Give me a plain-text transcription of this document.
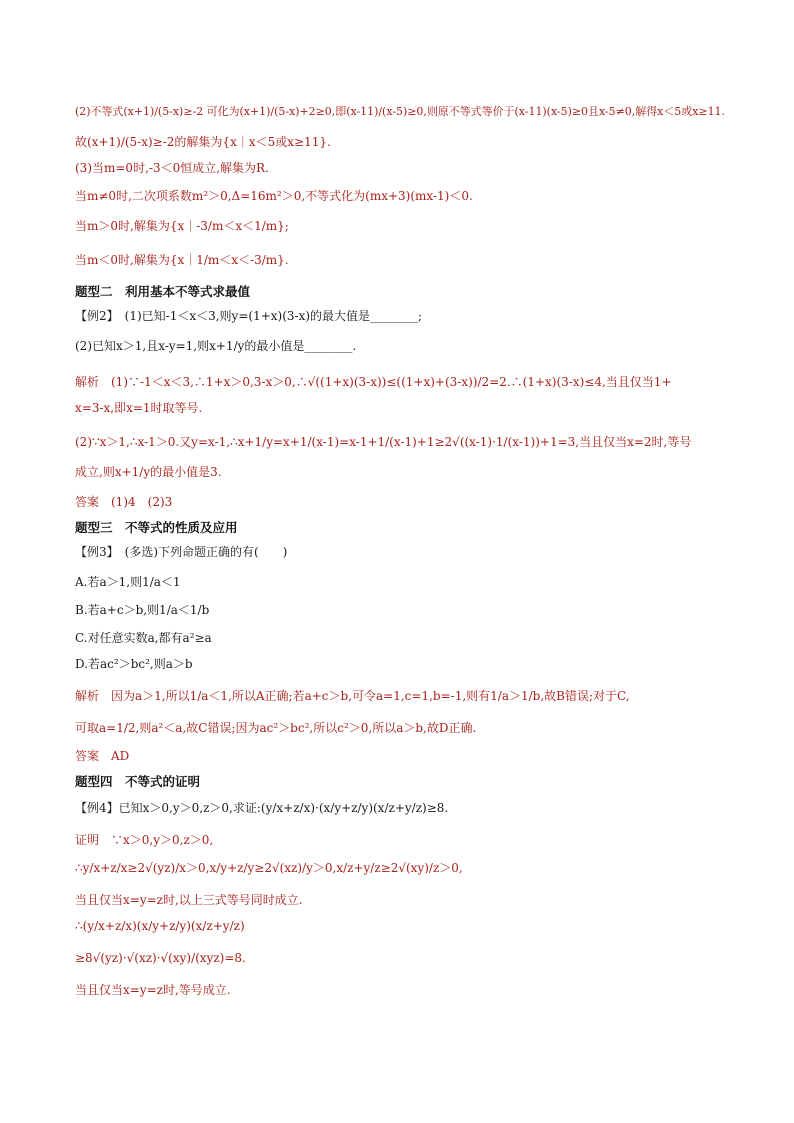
(2)不等式(x+1)/(5-x)≥-2 可化为(x+1)/(5-x)+2≥0,即(x-11)/(x-5)≥0,则原不等式等价于(x-11)(x-5)≥0且x-5≠0,解得x＜5或x≥11.
故(x+1)/(5-x)≥-2的解集为{x｜x＜5或x≥11}.
(3)当m=0时,-3＜0恒成立,解集为R.
当m≠0时,二次项系数m²＞0,Δ=16m²＞0,不等式化为(mx+3)(mx-1)＜0.
当m＞0时,解集为{x｜-3/m＜x＜1/m};
当m＜0时,解集为{x｜1/m＜x＜-3/m}.
题型二　利用基本不等式求最值
【例2】　(1)已知-1＜x＜3,则y=(1+x)(3-x)的最大值是________;
(2)已知x＞1,且x-y=1,则x+1/y的最小值是________.
解析　(1)∵-1＜x＜3,∴1+x＞0,3-x＞0,∴√((1+x)(3-x))≤((1+x)+(3-x))/2=2.∴(1+x)(3-x)≤4,当且仅当1+
x=3-x,即x=1时取等号.
(2)∵x＞1,∴x-1＞0.又y=x-1,∴x+1/y=x+1/(x-1)=x-1+1/(x-1)+1≥2√((x-1)·1/(x-1))+1=3,当且仅当x=2时,等号
成立,则x+1/y的最小值是3.
答案　(1)4　(2)3
题型三　不等式的性质及应用
【例3】　(多选)下列命题正确的有(　　)
A.若a＞1,则1/a＜1
B.若a+c＞b,则1/a＜1/b
C.对任意实数a,都有a²≥a
D.若ac²＞bc²,则a＞b
解析　因为a＞1,所以1/a＜1,所以A正确;若a+c＞b,可令a=1,c=1,b=-1,则有1/a＞1/b,故B错误;对于C,
可取a=1/2,则a²＜a,故C错误;因为ac²＞bc²,所以c²＞0,所以a＞b,故D正确.
答案　AD
题型四　不等式的证明
【例4】已知x＞0,y＞0,z＞0,求证:(y/x+z/x)·(x/y+z/y)(x/z+y/z)≥8.
证明　∵x＞0,y＞0,z＞0,
∴y/x+z/x≥2√(yz)/x＞0,x/y+z/y≥2√(xz)/y＞0,x/z+y/z≥2√(xy)/z＞0,
当且仅当x=y=z时,以上三式等号同时成立.
∴(y/x+z/x)(x/y+z/y)(x/z+y/z)
≥8√(yz)·√(xz)·√(xy)/(xyz)=8.
当且仅当x=y=z时,等号成立.
